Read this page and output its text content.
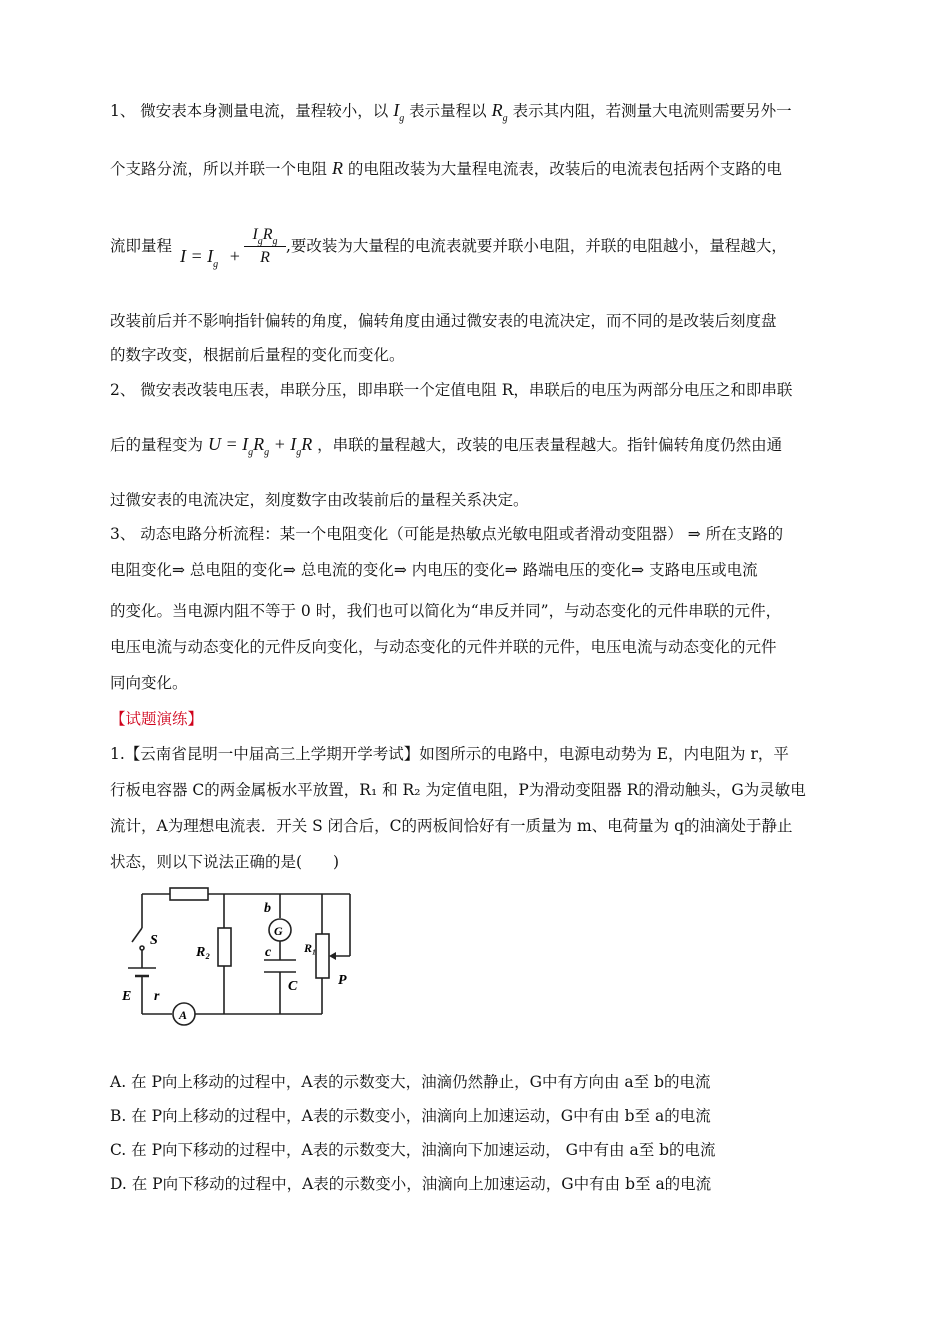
1、 微安表本身测量电流，量程较小，以 $I_g$ 表示量程以 $R_g$ 表示其内阻，若测量大电流则需要另外一
个支路分流，所以并联一个电阻 R 的电阻改装为大量程电流表，改装后的电流表包括两个支路的电
流即量程 $I = I_g$ +
$I_gR_g$
R
,要改装为大量程的电流表就要并联小电阻，并联的电阻越小，量程越大，
改装前后并不影响指针偏转的角度，偏转角度由通过微安表的电流决定，而不同的是改装后刻度盘
的数字改变，根据前后量程的变化而变化。
2、 微安表改装电压表，串联分压，即串联一个定值电阻 R，串联后的电压为两部分电压之和即串联
后的量程变为 $U = I_gR_g + I_gR$ ，串联的量程越大，改装的电压表量程越大。指针偏转角度仍然由通
过微安表的电流决定，刻度数字由改装前后的量程关系决定。
3、 动态电路分析流程：某一个电阻变化（可能是热敏点光敏电阻或者滑动变阻器） ⇒ 所在支路的
电阻变化⇒ 总电阻的变化⇒ 总电流的变化⇒ 内电压的变化⇒ 路端电压的变化⇒ 支路电压或电流
的变化。当电源内阻不等于 0 时，我们也可以简化为“串反并同”，与动态变化的元件串联的元件，
电压电流与动态变化的元件反向变化，与动态变化的元件并联的元件，电压电流与动态变化的元件
同向变化。
【试题演练】
1.【云南省昆明一中届高三上学期开学考试】如图所示的电路中，电源电动势为 E，内电阻为 r，平
行板电容器 C的两金属板水平放置，R₁ 和 R₂ 为定值电阻，P为滑动变阻器 R的滑动触头，G为灵敏电
流计，A为理想电流表．开关 S 闭合后，C的两板间恰好有一质量为 m、电荷量为 q的油滴处于静止
状态，则以下说法正确的是(　　)
S
R₂
b
G
c	R₁
C	P
E r
A
A. 在 P向上移动的过程中，A表的示数变大，油滴仍然静止，G中有方向由 a至 b的电流
B. 在 P向上移动的过程中，A表的示数变小，油滴向上加速运动，G中有由 b至 a的电流
C. 在 P向下移动的过程中，A表的示数变大，油滴向下加速运动， G中有由 a至 b的电流
D. 在 P向下移动的过程中，A表的示数变小，油滴向上加速运动，G中有由 b至 a的电流
